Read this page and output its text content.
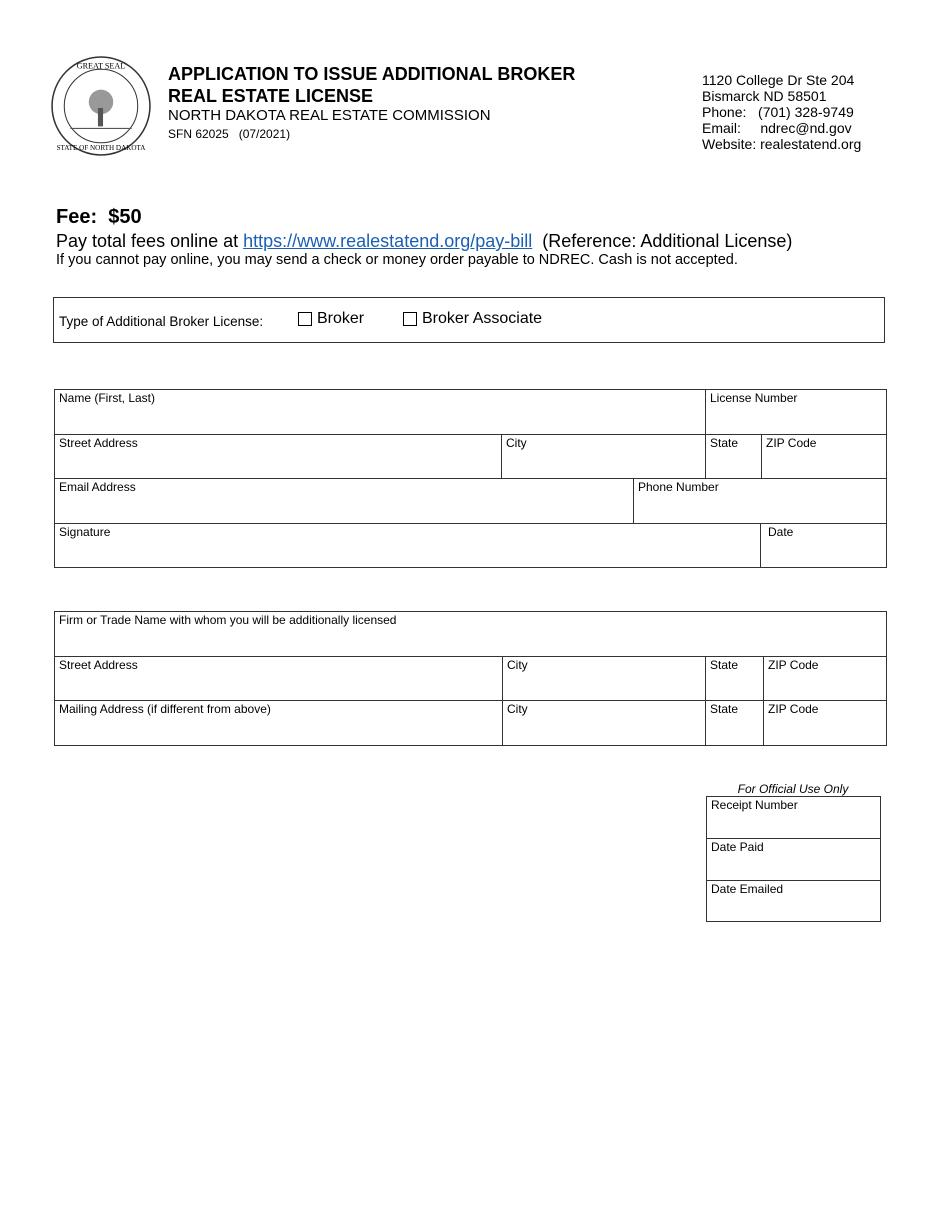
GREAT SEAL
STATE OF NORTH DAKOTA
APPLICATION TO ISSUE ADDITIONAL BROKER
REAL ESTATE LICENSE
NORTH DAKOTA REAL ESTATE COMMISSION
SFN 62025   (07/2021)

1120 College Dr Ste 204
Bismarck ND 58501
Phone:   (701) 328-9749
Email:     ndrec@nd.gov
Website: realestatend.org
Fee:  $50
Pay total fees online at https://www.realestatend.org/pay-bill  (Reference: Additional License)
If you cannot pay online, you may send a check or money order payable to NDREC. Cash is not accepted.
Type of Additional Broker License:	Broker	Broker Associate
Name (First, Last)	License Number
Street Address	City	State	ZIP Code
Email Address	Phone Number
Signature	Date
Firm or Trade Name with whom you will be additionally licensed
Street Address	City	State	ZIP Code
Mailing Address (if different from above)	City	State	ZIP Code
For Official Use Only
Receipt Number
Date Paid
Date Emailed
